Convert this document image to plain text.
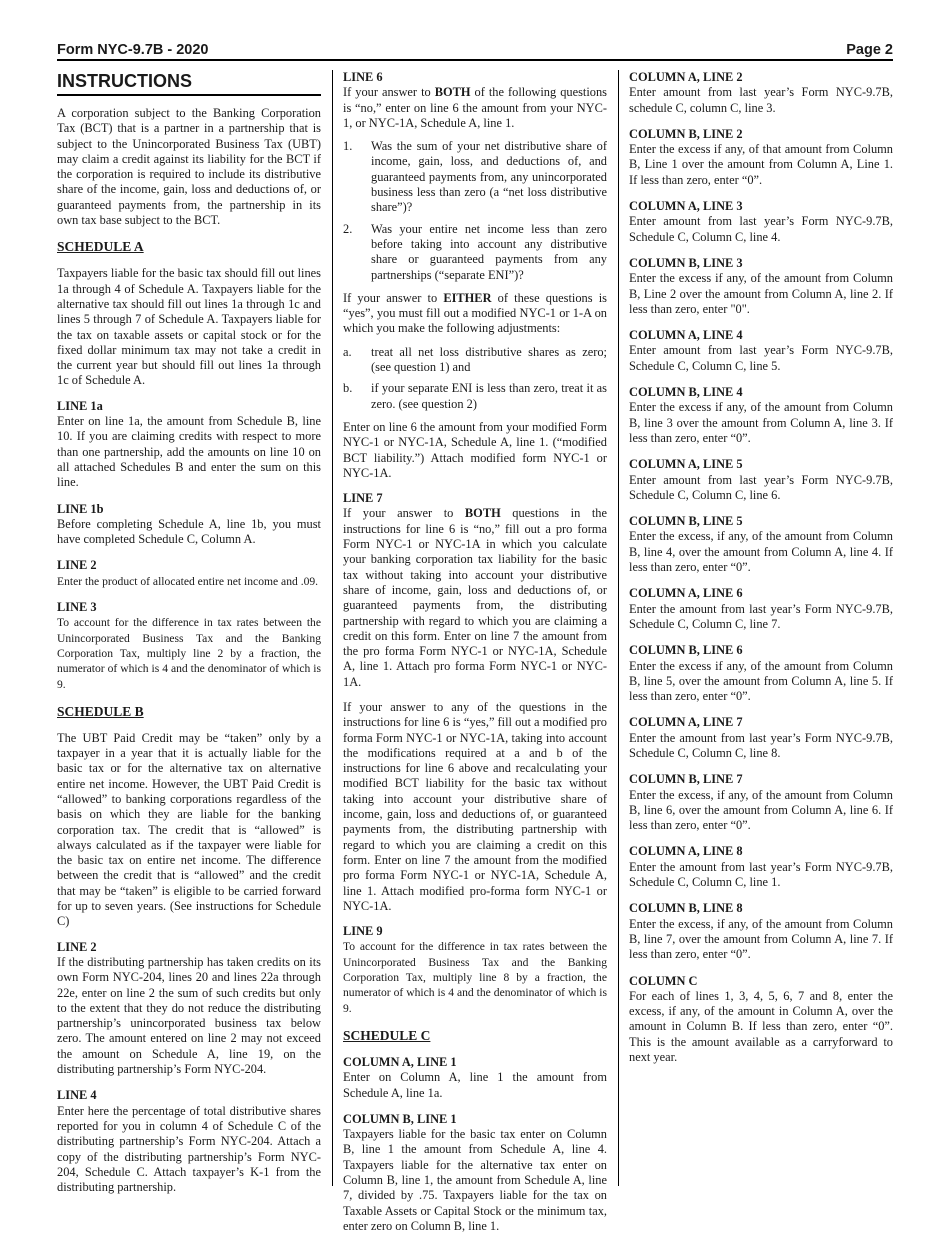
Form NYC-9.7B - 2020	Page 2
INSTRUCTIONS

A corporation subject to the Banking Corporation Tax (BCT) that is a partner in a partnership that is subject to the Unincorporated Business Tax (UBT) may claim a credit against its liability for the BCT if the corporation is required to include its distributive share of the income, gain, loss and deductions of, or guaranteed payments from, the partnership in its own tax base subject to the BCT.

SCHEDULE A

Taxpayers liable for the basic tax should fill out lines 1a through 4 of Schedule A. Taxpayers liable for the alternative tax should fill out lines 1a through 1c and lines 5 through 7 of Schedule A. Taxpayers liable for the tax on taxable assets or capital stock or for the fixed dollar minimum tax may not take a credit in the current year but should fill out lines 1a through 1c of Schedule A.

LINE 1a

Enter on line 1a, the amount from Schedule B, line 10. If you are claiming credits with respect to more than one partnership, add the amounts on line 10 on all attached Schedules B and enter the sum on this line.

LINE 1b

Before completing Schedule A, line 1b, you must have completed Schedule C, Column A.

LINE 2

Enter the product of allocated entire net income and .09.

LINE 3

To account for the difference in tax rates between the Unincorporated Business Tax and the Banking Corporation Tax, multiply line 2 by a fraction, the numerator of which is 4 and the denominator of which is 9.

SCHEDULE B

The UBT Paid Credit may be “taken” only by a taxpayer in a year that it is actually liable for the basic tax or for the alternative tax on alternative entire net income. However, the UBT Paid Credit is “allowed” to banking corporations regardless of the basis on which they are liable for the banking corporation tax. The credit that is “allowed” is always calculated as if the taxpayer were liable for the basic tax on entire net income. The difference between the credit that is “allowed” and the credit that may be “taken” is eligible to be carried forward for up to seven years. (See instructions for Schedule C)

LINE 2

If the distributing partnership has taken credits on its own Form NYC-204, lines 20 and lines 22a through 22e, enter on line 2 the sum of such credits but only to the extent that they do not reduce the distributing partnership’s unincorporated business tax below zero. The amount entered on line 2 may not exceed the amount on Schedule A, line 19, on the distributing partnership’s Form NYC-204.

LINE 4

Enter here the percentage of total distributive shares reported for you in column 4 of Schedule C of the distributing partnership’s Form NYC-204. Attach a copy of the distributing partnership’s Form NYC-204, Schedule C. Attach taxpayer’s K-1 from the distributing partnership.

LINE 6

If your answer to BOTH of the following questions is “no,” enter on line 6 the amount from your NYC-1, or NYC-1A, Schedule A, line 1.

1.	Was the sum of your net distributive share of income, gain, loss, and deductions of, and guaranteed payments from, any unincorporated business less than zero (a “net loss distributive share”)?
2.	Was your entire net income less than zero before taking into account any distributive share or guaranteed payments from any partnerships (“separate ENI”)?

If your answer to EITHER of these questions is “yes”, you must fill out a modified NYC-1 or 1-A on which you make the following adjustments:

a.	treat all net loss distributive shares as zero; (see question 1) and
b.	if your separate ENI is less than zero, treat it as zero. (see question 2)

Enter on line 6 the amount from your modified Form NYC-1 or NYC-1A, Schedule A, line 1. (“modified BCT liability.”) Attach modified form NYC-1 or NYC-1A.

LINE 7

If your answer to BOTH questions in the instructions for line 6 is “no,” fill out a pro forma Form NYC-1 or NYC-1A in which you calculate your banking corporation tax liability for the basic tax without taking into account your distributive share of income, gain, loss and deductions of, or guaranteed payments from, the distributing partnership with regard to which you are claiming a credit on this form. Enter on line 7 the amount from the pro forma Form NYC-1 or NYC-1A, Schedule A, line 1. Attach pro forma Form NYC-1 or NYC-1A.

If your answer to any of the questions in the instructions for line 6 is “yes,” fill out a modified pro forma Form NYC-1 or NYC-1A, taking into account the modifications required at a and b of the instructions for line 6 above and recalculating your modified BCT liability for the basic tax without taking into account your distributive share of income, gain, loss and deductions of, or guaranteed payments from, the distributing partnership with regard to which you are claiming a credit on this form. Enter on line 7 the amount from the modified pro forma Form NYC-1 or NYC-1A, Schedule A, line 1. Attach modified pro-forma form NYC-1 or NYC-1A.

LINE 9

To account for the difference in tax rates between the Unincorporated Business Tax and the Banking Corporation Tax, multiply line 8 by a fraction, the numerator of which is 4 and the denominator of which is 9.

SCHEDULE C
COLUMN A, LINE 1

Enter on Column A, line 1 the amount from Schedule A, line 1a.

COLUMN B, LINE 1

Taxpayers liable for the basic tax enter on Column B, line 1 the amount from Schedule A, line 4. Taxpayers liable for the alternative tax enter on Column B, line 1, the amount from Schedule A, line 7, divided by .75. Taxpayers liable for the tax on Taxable Assets or Capital Stock or the minimum tax, enter zero on Column B, line 1.

COLUMN A, LINE 2

Enter amount from last year’s Form NYC-9.7B, schedule C, column C, line 3.

COLUMN B, LINE 2

Enter the excess if any, of that amount from Column B, Line 1 over the amount from Column A, Line 1. If less than zero, enter “0”.

COLUMN A, LINE 3

Enter amount from last year’s Form NYC-9.7B, Schedule C, Column C, line 4.

COLUMN B, LINE 3

Enter the excess if any, of the amount from Column B, Line 2 over the amount from Column A, line 2. If less than zero, enter "0".

COLUMN A, LINE 4

Enter amount from last year’s Form NYC-9.7B, Schedule C, Column C, line 5.

COLUMN B, LINE 4

Enter the excess if any, of the amount from Column B, line 3 over the amount from Column A, line 3. If less than zero, enter “0”.

COLUMN A, LINE 5

Enter amount from last year’s Form NYC-9.7B, Schedule C, Column C, line 6.

COLUMN B, LINE 5

Enter the excess, if any, of the amount from Column B, line 4, over the amount from Column A, line 4. If less than zero, enter “0”.

COLUMN A, LINE 6

Enter the amount from last year’s Form NYC-9.7B, Schedule C, Column C, line 7.

COLUMN B, LINE 6

Enter the excess if any, of the amount from Column B, line 5, over the amount from Column A, line 5. If less than zero, enter “0”.

COLUMN A, LINE 7

Enter the amount from last year’s Form NYC-9.7B, Schedule C, Column C, line 8.

COLUMN B, LINE 7

Enter the excess, if any, of the amount from Column B, line 6, over the amount from Column A, line 6. If less than zero, enter “0”.

COLUMN A, LINE 8

Enter the amount from last year’s Form NYC-9.7B, Schedule C, Column C, line 1.

COLUMN B, LINE 8

Enter the excess, if any, of the amount from Column B, line 7, over the amount from Column A, line 7. If less than zero, enter “0”.

COLUMN C

For each of lines 1, 3, 4, 5, 6, 7 and 8, enter the excess, if any, of the amount in Column A, over the amount in Column B. If less than zero, enter “0”. This is the amount available as a carryforward to next year.
